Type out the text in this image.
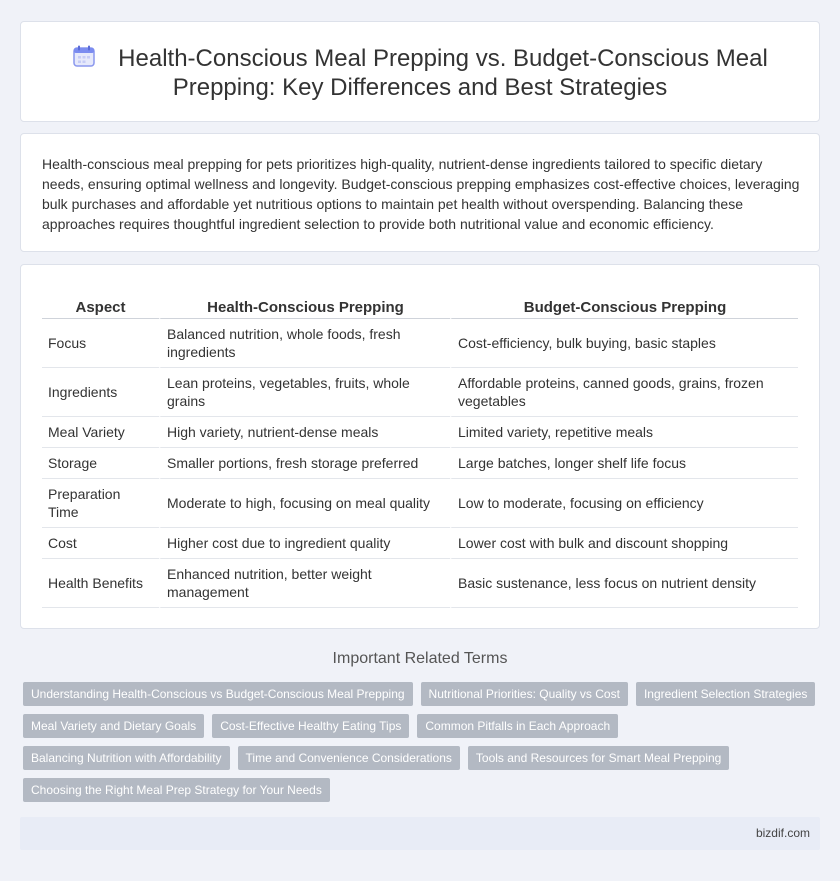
Health-Conscious Meal Prepping vs. Budget-Conscious Meal
Prepping: Key Differences and Best Strategies

Health-conscious meal prepping for pets prioritizes high-quality, nutrient-dense ingredients tailored to specific dietary needs, ensuring optimal wellness and longevity. Budget-conscious prepping emphasizes cost-effective choices, leveraging bulk purchases and affordable yet nutritious options to maintain pet health without overspending. Balancing these approaches requires thoughtful ingredient selection to provide both nutritional value and economic efficiency.

Aspect	Health-Conscious Prepping	Budget-Conscious Prepping
Focus	Balanced nutrition, whole foods, fresh ingredients	Cost-efficiency, bulk buying, basic staples
Ingredients	Lean proteins, vegetables, fruits, whole grains	Affordable proteins, canned goods, grains, frozen vegetables
Meal Variety	High variety, nutrient-dense meals	Limited variety, repetitive meals
Storage	Smaller portions, fresh storage preferred	Large batches, longer shelf life focus
Preparation Time	Moderate to high, focusing on meal quality	Low to moderate, focusing on efficiency
Cost	Higher cost due to ingredient quality	Lower cost with bulk and discount shopping
Health Benefits	Enhanced nutrition, better weight management	Basic sustenance, less focus on nutrient density
Important Related Terms
Understanding Health-Conscious vs Budget-Conscious Meal Prepping	Nutritional Priorities: Quality vs Cost	Ingredient Selection Strategies
Meal Variety and Dietary Goals	Cost-Effective Healthy Eating Tips	Common Pitfalls in Each Approach
Balancing Nutrition with Affordability	Time and Convenience Considerations	Tools and Resources for Smart Meal Prepping
Choosing the Right Meal Prep Strategy for Your Needs
bizdif.com
